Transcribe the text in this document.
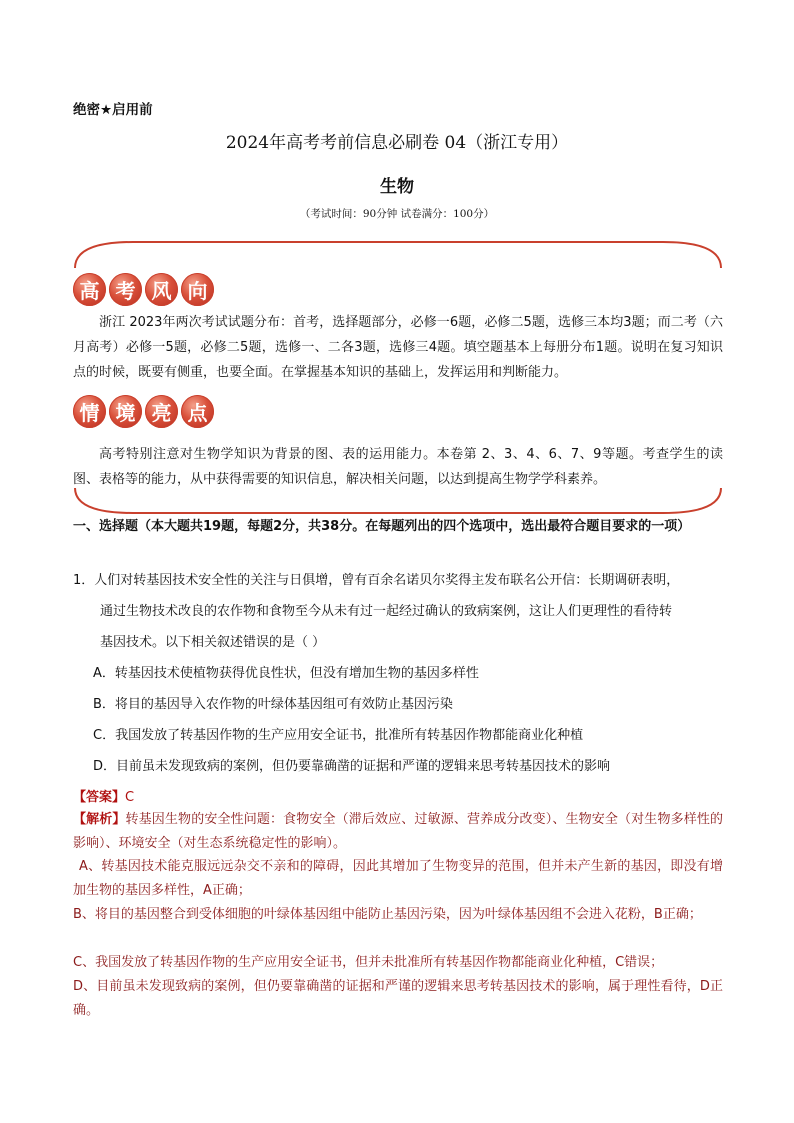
绝密★启用前

2024年高考考前信息必刷卷 04（浙江专用）

生物

（考试时间：90分钟 试卷满分：100分）

高 考 风 向

浙江 2023年两次考试试题分布：首考，选择题部分，必修一6题，必修二5题，选修三本均3题；而二考（六月高考）必修一5题，必修二5题，选修一、二各3题，选修三4题。填空题基本上每册分布1题。说明在复习知识点的时候，既要有侧重，也要全面。在掌握基本知识的基础上，发挥运用和判断能力。

情 境 亮 点

高考特别注意对生物学知识为背景的图、表的运用能力。本卷第 2、3、4、6、7、9等题。考查学生的读图、表格等的能力，从中获得需要的知识信息，解决相关问题，以达到提高生物学学科素养。

一、选择题（本大题共19题，每题2分，共38分。在每题列出的四个选项中，选出最符合题目要求的一项）

1．人们对转基因技术安全性的关注与日俱增，曾有百余名诺贝尔奖得主发布联名公开信：长期调研表明，
通过生物技术改良的农作物和食物至今从未有过一起经过确认的致病案例，这让人们更理性的看待转
基因技术。以下相关叙述错误的是（ ）

A．转基因技术使植物获得优良性状，但没有增加生物的基因多样性

B．将目的基因导入农作物的叶绿体基因组可有效防止基因污染

C．我国发放了转基因作物的生产应用安全证书，批准所有转基因作物都能商业化种植

D．目前虽未发现致病的案例，但仍要靠确凿的证据和严谨的逻辑来思考转基因技术的影响

【答案】C

【解析】转基因生物的安全性问题：食物安全（滞后效应、过敏源、营养成分改变）、生物安全（对生物多样性的影响）、环境安全（对生态系统稳定性的影响）。

A、转基因技术能克服远远杂交不亲和的障碍，因此其增加了生物变异的范围，但并未产生新的基因，即没有增加生物的基因多样性，A正确；

B、将目的基因整合到受体细胞的叶绿体基因组中能防止基因污染，因为叶绿体基因组不会进入花粉，B正确；

C、我国发放了转基因作物的生产应用安全证书，但并未批准所有转基因作物都能商业化种植，C错误；

D、目前虽未发现致病的案例，但仍要靠确凿的证据和严谨的逻辑来思考转基因技术的影响，属于理性看待，D正确。
